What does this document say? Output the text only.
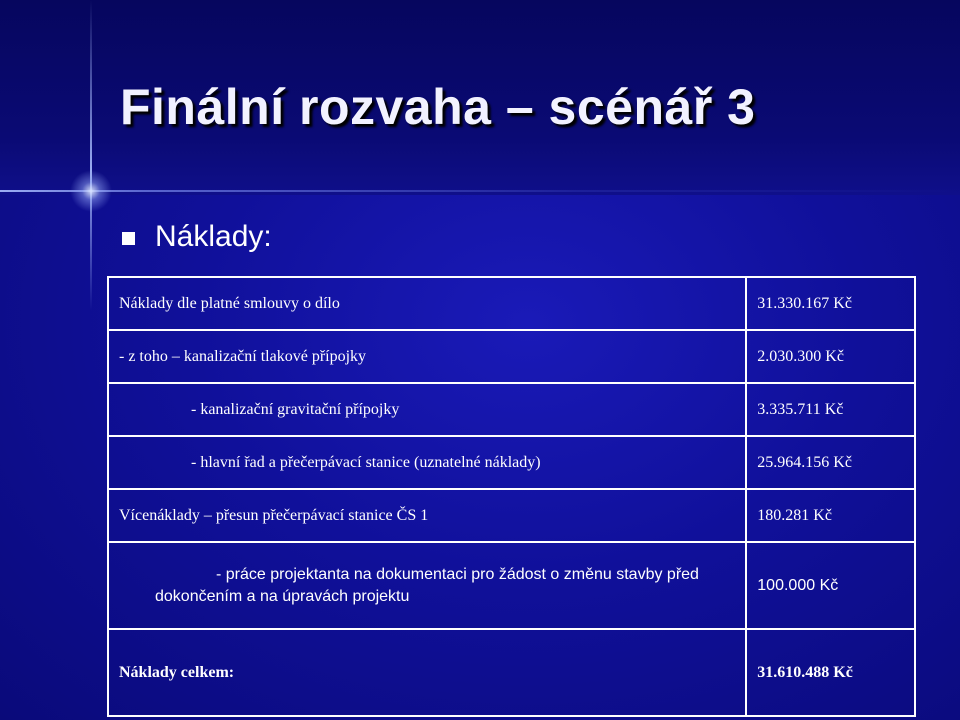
Finální rozvaha – scénář 3
Náklady:
Náklady dle platné smlouvy o dílo	31.330.167 Kč
- z toho – kanalizační tlakové přípojky	2.030.300 Kč
- kanalizační gravitační přípojky	3.335.711 Kč
- hlavní řad a přečerpávací stanice (uznatelné náklady)	25.964.156 Kč
Vícenáklady – přesun přečerpávací stanice ČS 1	180.281 Kč

- práce projektanta na dokumentaci pro žádost o změnu stavby před
dokončením a na úpravách projektu	100.000 Kč
Náklady celkem:	31.610.488 Kč
